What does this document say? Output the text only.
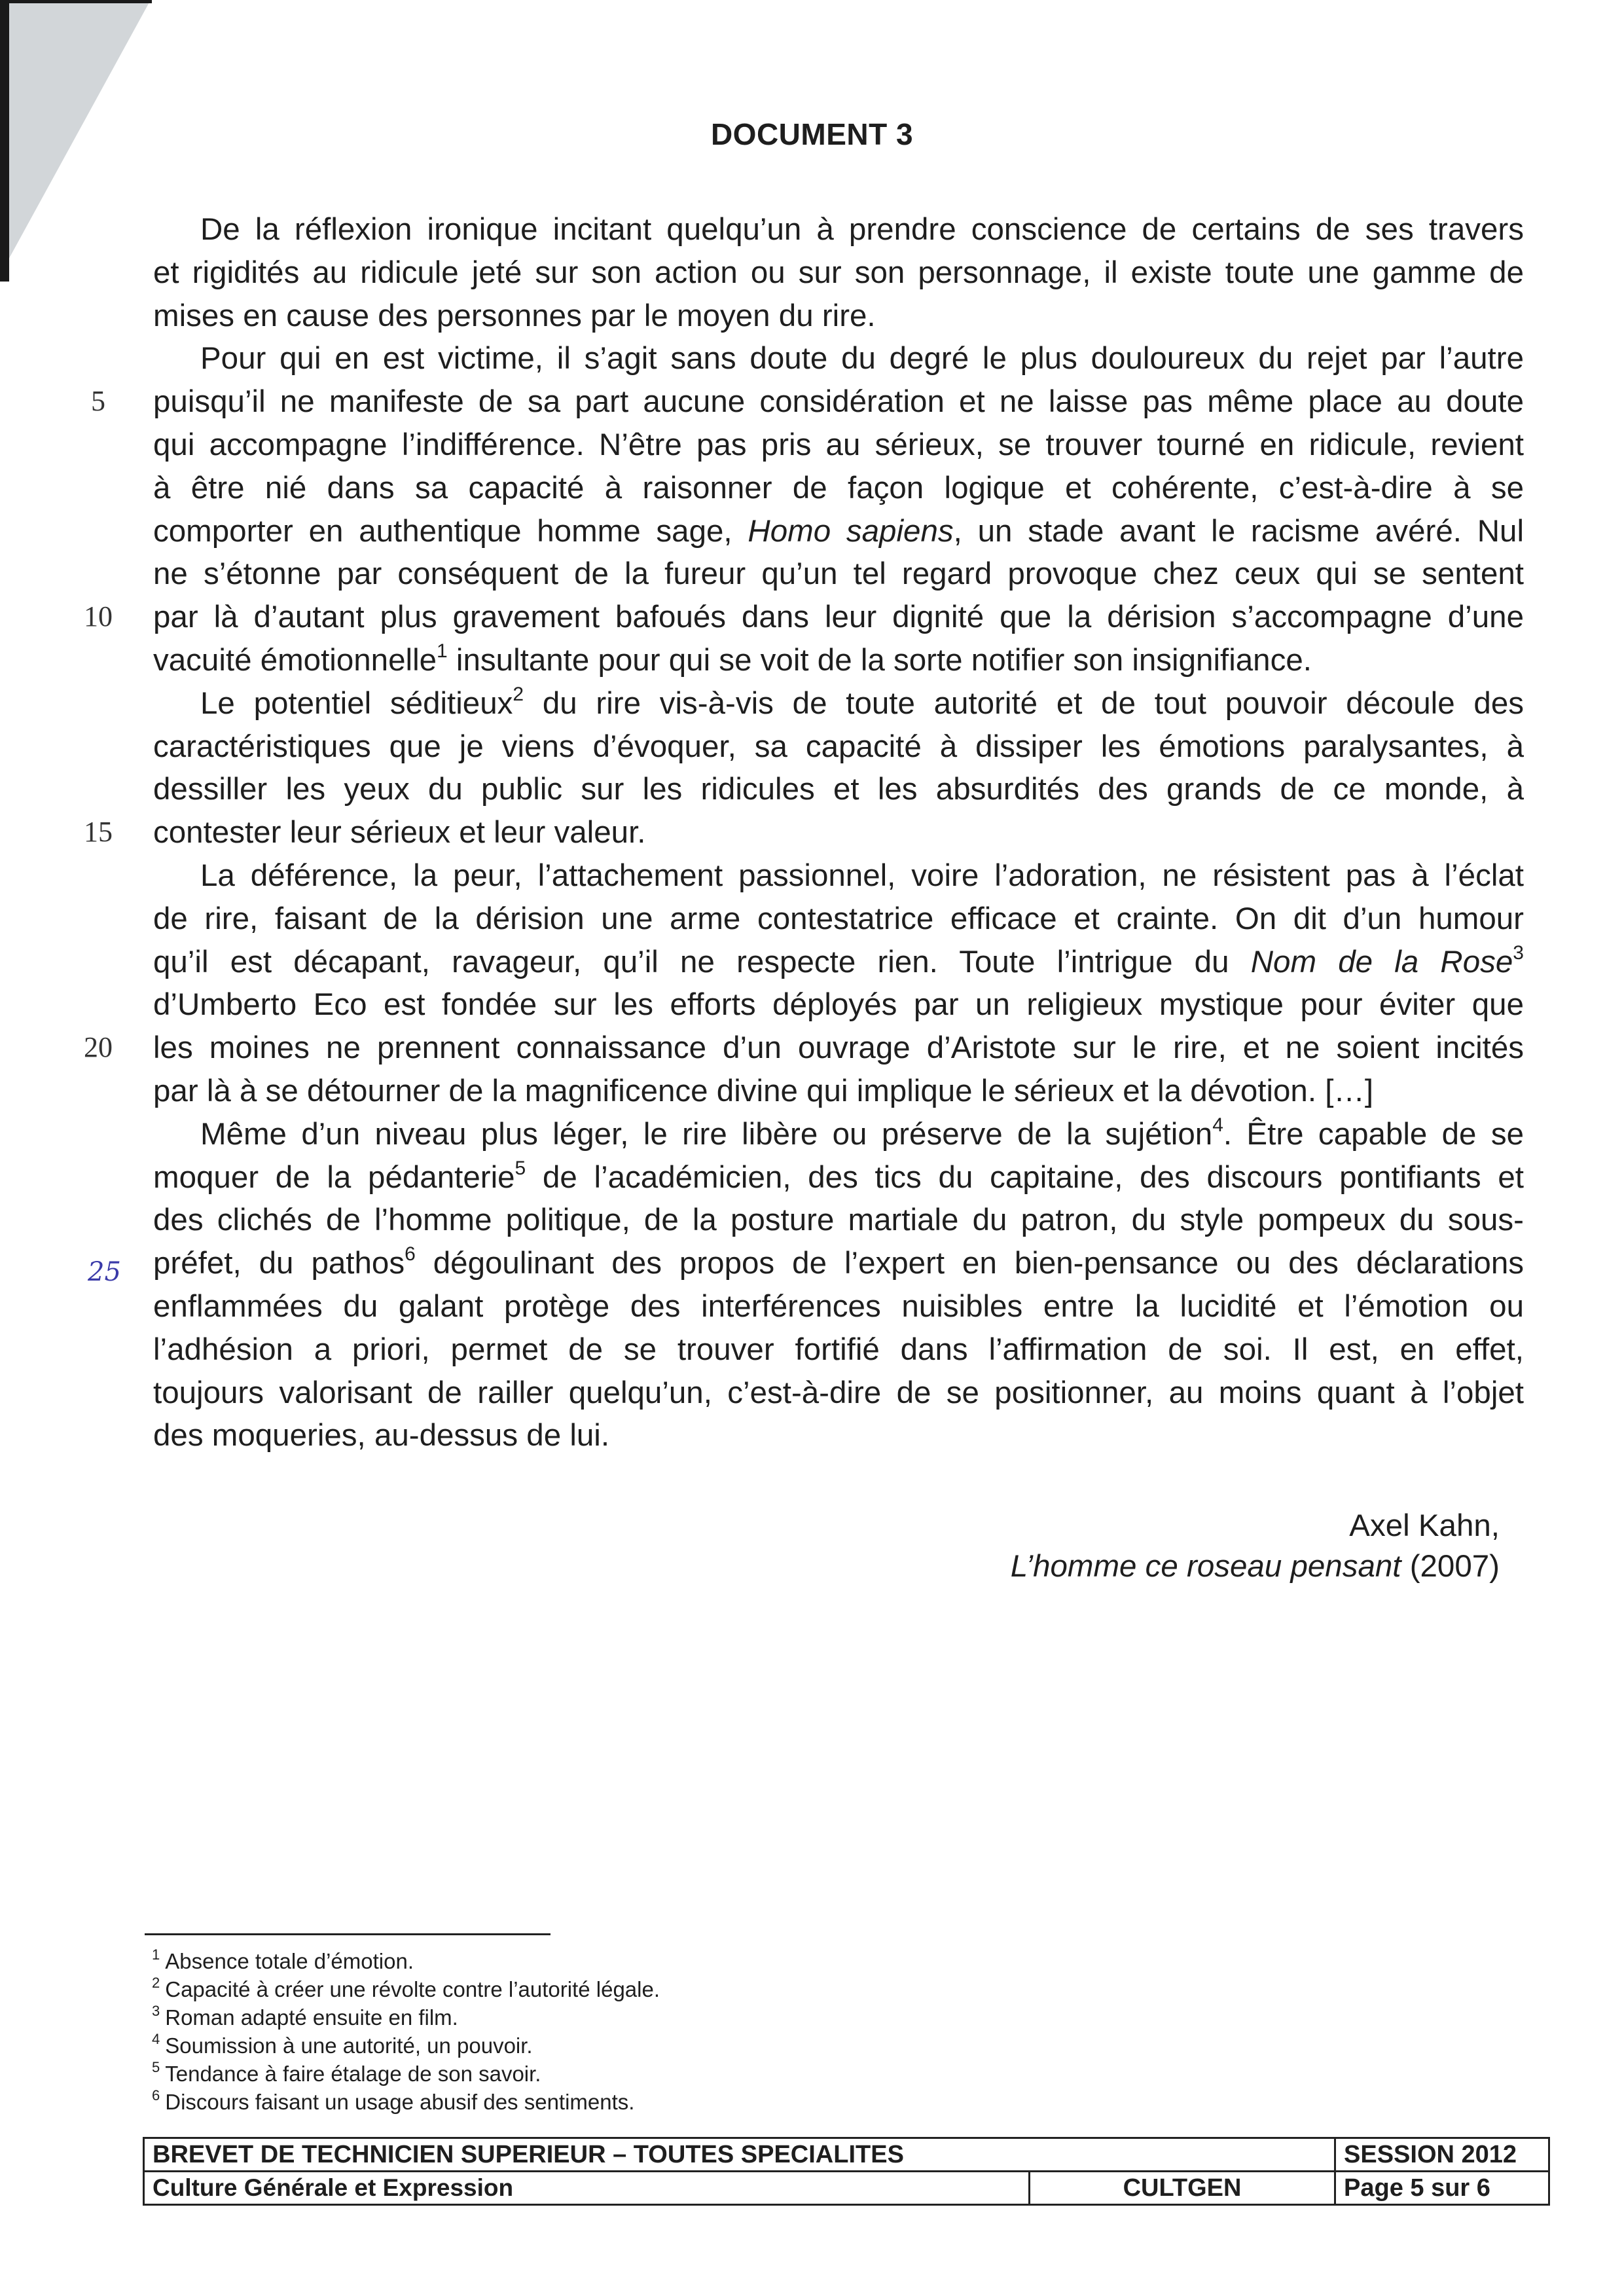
DOCUMENT 3

De la réflexion ironique incitant quelqu’un à prendre conscience de certains de ses travers
et rigidités au ridicule jeté sur son action ou sur son personnage, il existe toute une gamme de
mises en cause des personnes par le moyen du rire.

Pour qui en est victime, il s’agit sans doute du degré le plus douloureux du rejet par l’autre
puisqu’il ne manifeste de sa part aucune considération et ne laisse pas même place au doute
qui accompagne l’indifférence. N’être pas pris au sérieux, se trouver tourné en ridicule, revient
à être nié dans sa capacité à raisonner de façon logique et cohérente, c’est-à-dire à se
comporter en authentique homme sage, Homo sapiens, un stade avant le racisme avéré. Nul
ne s’étonne par conséquent de la fureur qu’un tel regard provoque chez ceux qui se sentent
par là d’autant plus gravement bafoués dans leur dignité que la dérision s’accompagne d’une
vacuité émotionnelle$^1$ insultante pour qui se voit de la sorte notifier son insignifiance.

Le potentiel séditieux$^2$ du rire vis-à-vis de toute autorité et de tout pouvoir découle des
caractéristiques que je viens d’évoquer, sa capacité à dissiper les émotions paralysantes, à
dessiller les yeux du public sur les ridicules et les absurdités des grands de ce monde, à
contester leur sérieux et leur valeur.

La déférence, la peur, l’attachement passionnel, voire l’adoration, ne résistent pas à l’éclat
de rire, faisant de la dérision une arme contestatrice efficace et crainte. On dit d’un humour
qu’il est décapant, ravageur, qu’il ne respecte rien. Toute l’intrigue du Nom de la Rose$^3$
d’Umberto Eco est fondée sur les efforts déployés par un religieux mystique pour éviter que
les moines ne prennent connaissance d’un ouvrage d’Aristote sur le rire, et ne soient incités
par là à se détourner de la magnificence divine qui implique le sérieux et la dévotion. […]

Même d’un niveau plus léger, le rire libère ou préserve de la sujétion$^4$. Être capable de se
moquer de la pédanterie$^5$ de l’académicien, des tics du capitaine, des discours pontifiants et
des clichés de l’homme politique, de la posture martiale du patron, du style pompeux du sous-
préfet, du pathos$^6$ dégoulinant des propos de l’expert en bien-pensance ou des déclarations
enflammées du galant protège des interférences nuisibles entre la lucidité et l’émotion ou
l’adhésion a priori, permet de se trouver fortifié dans l’affirmation de soi. Il est, en effet,
toujours valorisant de railler quelqu’un, c’est-à-dire de se positionner, au moins quant à l’objet
des moqueries, au-dessus de lui.

5
10
15
20
25
Axel Kahn,
L’homme ce roseau pensant (2007)
$^1$ Absence totale d’émotion.
$^2$ Capacité à créer une révolte contre l’autorité légale.
$^3$ Roman adapté ensuite en film.
$^4$ Soumission à une autorité, un pouvoir.
$^5$ Tendance à faire étalage de son savoir.
$^6$ Discours faisant un usage abusif des sentiments.
BREVET DE TECHNICIEN SUPERIEUR – TOUTES SPECIALITES		SESSION 2012
Culture Générale et Expression	CULTGEN	Page 5 sur 6
